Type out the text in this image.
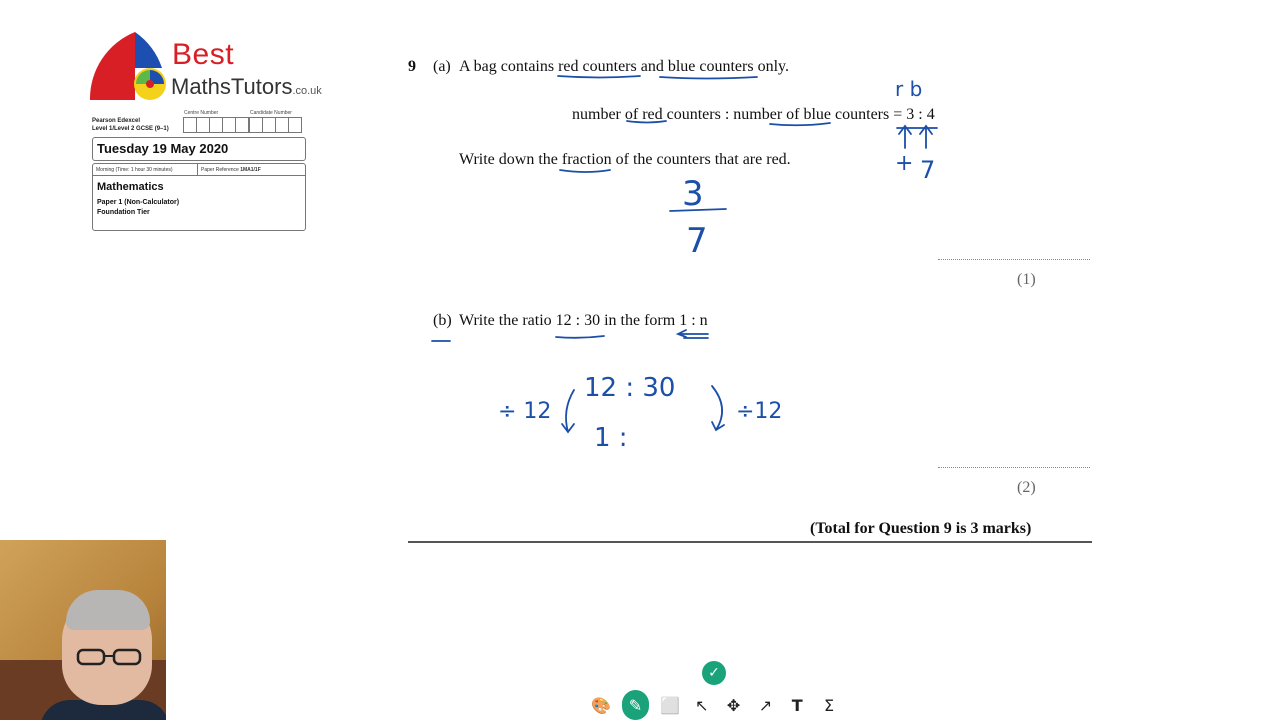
Best
MathsTutors.co.uk
Pearson Edexcel
Level 1/Level 2 GCSE (9–1)
Centre Number	Candidate Number
Tuesday 19 May 2020
Morning (Time: 1 hour 30 minutes)	Paper Reference 1MA1/1F
Mathematics
Paper 1 (Non-Calculator)
Foundation Tier
9 (a) A bag contains red counters and blue counters only.
number of red counters : number of blue counters = 3 : 4
Write down the fraction of the counters that are red.
(1)
(b) Write the ratio 12 : 30 in the form 1 : n
(2)
(Total for Question 9 is 3 marks)
r b
+ 7
3
7
÷ 12
12 : 30
1 :
÷12
✓
🎨	✎	⬜ ↖ ✥ ↗	T	Σ
